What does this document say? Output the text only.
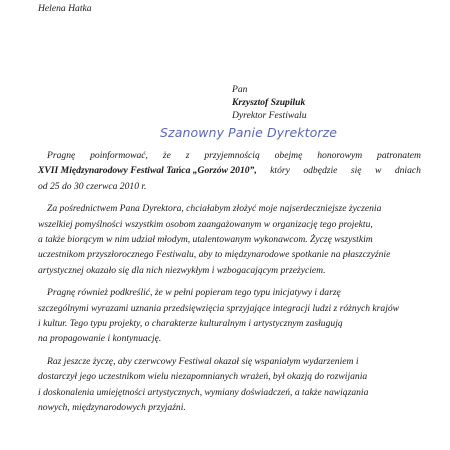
Helena Hatka
Pan
Krzysztof Szupiluk
Dyrektor Festiwalu
Szanowny Panie Dyrektorze
Pragnę poinformować, że z przyjemnością obejmę honorowym patronatem
XVII Międzynarodowy Festiwal Tańca „Gorzów 2010”, który odbędzie się w dniach
od 25 do 30 czerwca 2010 r.
Za pośrednictwem Pana Dyrektora, chciałabym złożyć moje najserdeczniejsze życzenia
wszelkiej pomyślności wszystkim osobom zaangażowanym w organizację tego projektu,
a także biorącym w nim udział młodym, utalentowanym wykonawcom. Życzę wszystkim
uczestnikom przyszłorocznego Festiwalu, aby to międzynarodowe spotkanie na płaszczyźnie
artystycznej okazało się dla nich niezwykłym i wzbogacającym przeżyciem.
Pragnę również podkreślić, że w pełni popieram tego typu inicjatywy i darzę
szczególnymi wyrazami uznania przedsięwzięcia sprzyjające integracji ludzi z różnych krajów
i kultur. Tego typu projekty, o charakterze kulturalnym i artystycznym zasługują
na propagowanie i kontynuację.
Raz jeszcze życzę, aby czerwcowy Festiwal okazał się wspaniałym wydarzeniem i
dostarczył jego uczestnikom wielu niezapomnianych wrażeń, był okazją do rozwijania
i doskonalenia umiejętności artystycznych, wymiany doświadczeń, a także nawiązania
nowych, międzynarodowych przyjaźni.
